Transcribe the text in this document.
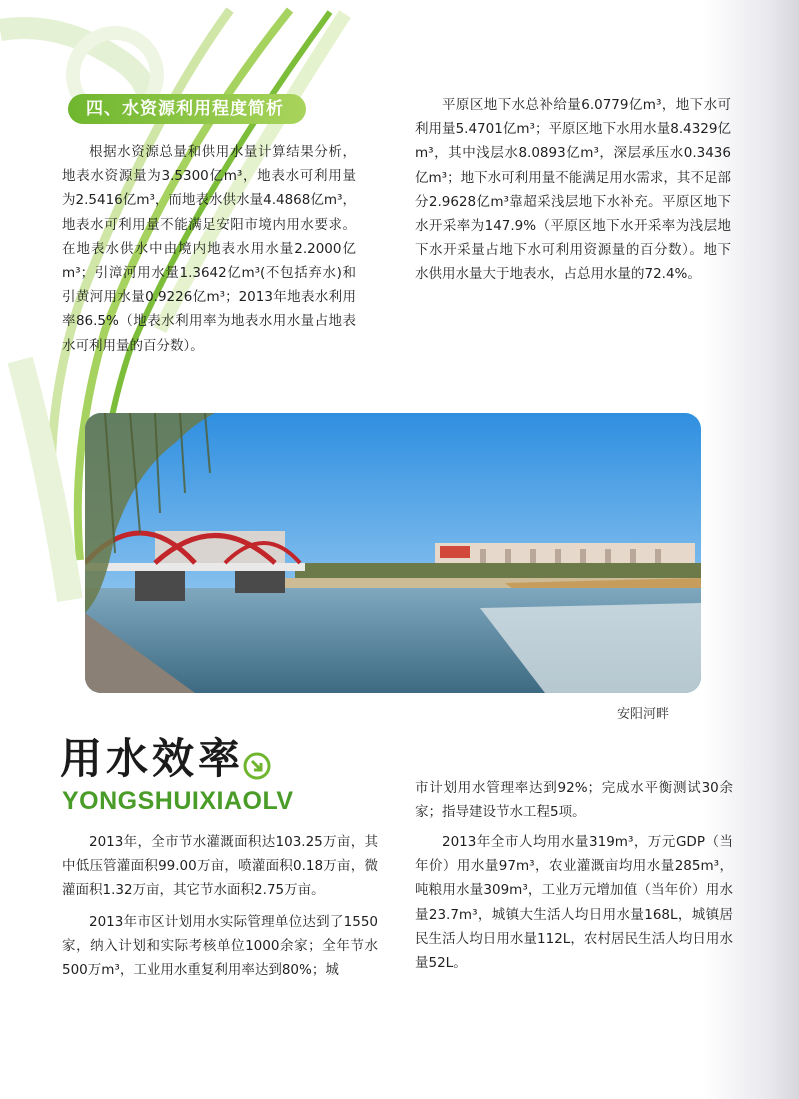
四、水资源利用程度简析

根据水资源总量和供用水量计算结果分析，地表水资源量为3.5300亿m³，地表水可利用量为2.5416亿m³，而地表水供水量4.4868亿m³，地表水可利用量不能满足安阳市境内用水要求。在地表水供水中由境内地表水用水量2.2000亿m³；引漳河用水量1.3642亿m³(不包括弃水)和引黄河用水量0.9226亿m³；2013年地表水利用率86.5%（地表水利用率为地表水用水量占地表水可利用量的百分数）。

平原区地下水总补给量6.0779亿m³，地下水可利用量5.4701亿m³；平原区地下水用水量8.4329亿m³，其中浅层水8.0893亿m³，深层承压水0.3436亿m³；地下水可利用量不能满足用水需求，其不足部分2.9628亿m³靠超采浅层地下水补充。平原区地下水开采率为147.9%（平原区地下水开采率为浅层地下水开采量占地下水可利用资源量的百分数）。地下水供用水量大于地表水，占总用水量的72.4%。

安阳河畔
用水效率
YONGSHUIXIAOLV

2013年，全市节水灌溉面积达103.25万亩，其中低压管灌面积99.00万亩，喷灌面积0.18万亩，微灌面积1.32万亩，其它节水面积2.75万亩。

2013年市区计划用水实际管理单位达到了1550家，纳入计划和实际考核单位1000余家；全年节水500万m³，工业用水重复利用率达到80%；城

市计划用水管理率达到92%；完成水平衡测试30余家；指导建设节水工程5项。

2013年全市人均用水量319m³，万元GDP（当年价）用水量97m³，农业灌溉亩均用水量285m³，吨粮用水量309m³，工业万元增加值（当年价）用水量23.7m³，城镇大生活人均日用水量168L，城镇居民生活人均日用水量112L，农村居民生活人均日用水量52L。
